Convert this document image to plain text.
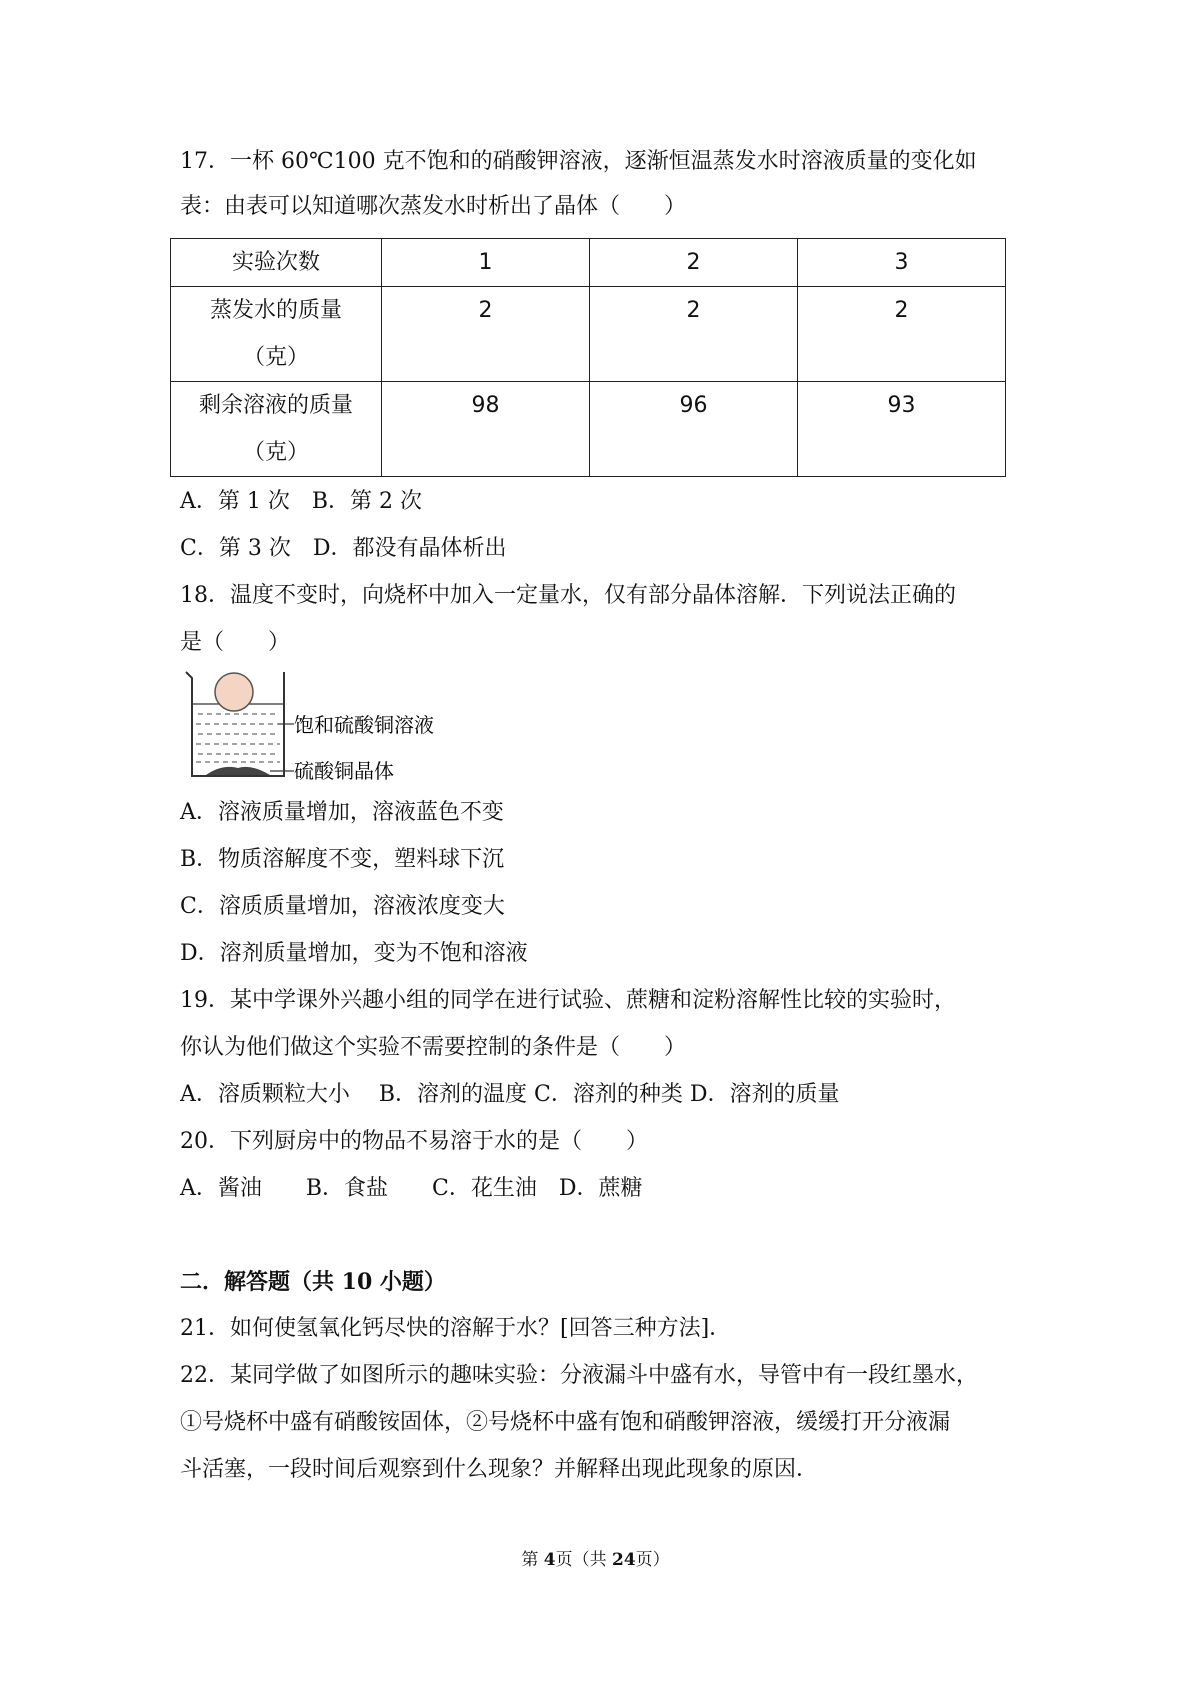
17．一杯 60℃100 克不饱和的硝酸钾溶液，逐渐恒温蒸发水时溶液质量的变化如
表：由表可以知道哪次蒸发水时析出了晶体（　　）
实验次数	1	2	3

蒸发水的质量
（克）	2	2	2

剩余溶液的质量
（克）	98	96	93
A．第 1 次　B．第 2 次
C．第 3 次　D．都没有晶体析出
18．温度不变时，向烧杯中加入一定量水，仅有部分晶体溶解．下列说法正确的
是（　　）
饱和硫酸铜溶液
硫酸铜晶体
A．溶液质量增加，溶液蓝色不变
B．物质溶解度不变，塑料球下沉
C．溶质质量增加，溶液浓度变大
D．溶剂质量增加，变为不饱和溶液
19．某中学课外兴趣小组的同学在进行试验、蔗糖和淀粉溶解性比较的实验时，
你认为他们做这个实验不需要控制的条件是（　　）
A．溶质颗粒大小　 B．溶剂的温度 C．溶剂的种类 D．溶剂的质量
20．下列厨房中的物品不易溶于水的是（　　）
A．酱油　　B．食盐　　C．花生油　D．蔗糖
二．解答题（共 10 小题）
21．如何使氢氧化钙尽快的溶解于水？[回答三种方法]．
22．某同学做了如图所示的趣味实验：分液漏斗中盛有水，导管中有一段红墨水，
①号烧杯中盛有硝酸铵固体，②号烧杯中盛有饱和硝酸钾溶液，缓缓打开分液漏
斗活塞，一段时间后观察到什么现象？并解释出现此现象的原因．
第 4页（共 24页）
